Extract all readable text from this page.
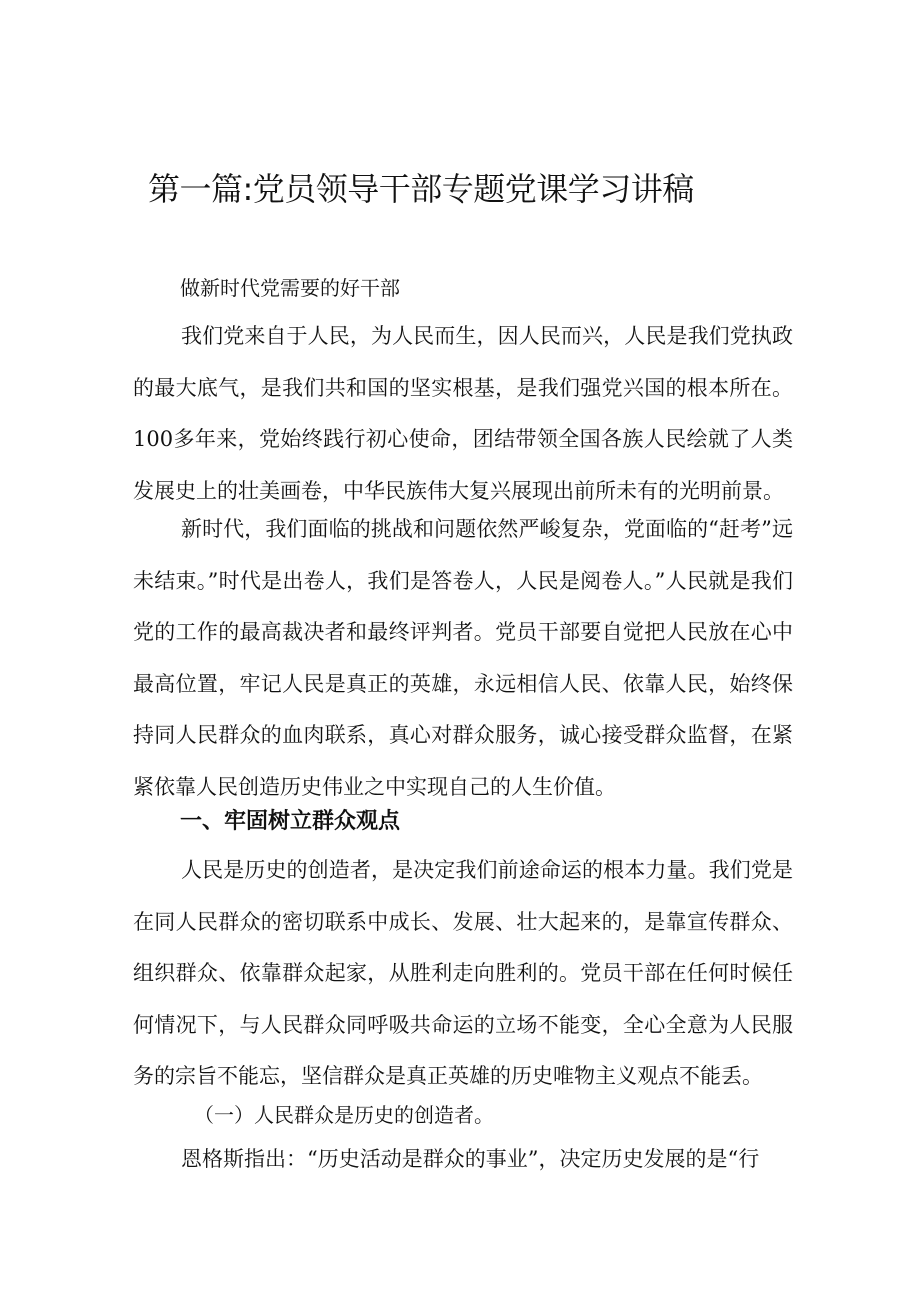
第一篇:党员领导干部专题党课学习讲稿

做新时代党需要的好干部

我们党来自于人民，为人民而生，因人民而兴，人民是我们党执政的最大底气，是我们共和国的坚实根基，是我们强党兴国的根本所在。100多年来，党始终践行初心使命，团结带领全国各族人民绘就了人类发展史上的壮美画卷，中华民族伟大复兴展现出前所未有的光明前景。

新时代，我们面临的挑战和问题依然严峻复杂，党面临的“赶考”远未结束。”时代是出卷人，我们是答卷人，人民是阅卷人。”人民就是我们党的工作的最高裁决者和最终评判者。党员干部要自觉把人民放在心中最高位置，牢记人民是真正的英雄，永远相信人民、依靠人民，始终保持同人民群众的血肉联系，真心对群众服务，诚心接受群众监督，在紧紧依靠人民创造历史伟业之中实现自己的人生价值。

一、牢固树立群众观点

人民是历史的创造者，是决定我们前途命运的根本力量。我们党是在同人民群众的密切联系中成长、发展、壮大起来的，是靠宣传群众、组织群众、依靠群众起家，从胜利走向胜利的。党员干部在任何时候任何情况下，与人民群众同呼吸共命运的立场不能变，全心全意为人民服务的宗旨不能忘，坚信群众是真正英雄的历史唯物主义观点不能丢。

（一）人民群众是历史的创造者。

恩格斯指出：“历史活动是群众的事业”，决定历史发展的是“行
